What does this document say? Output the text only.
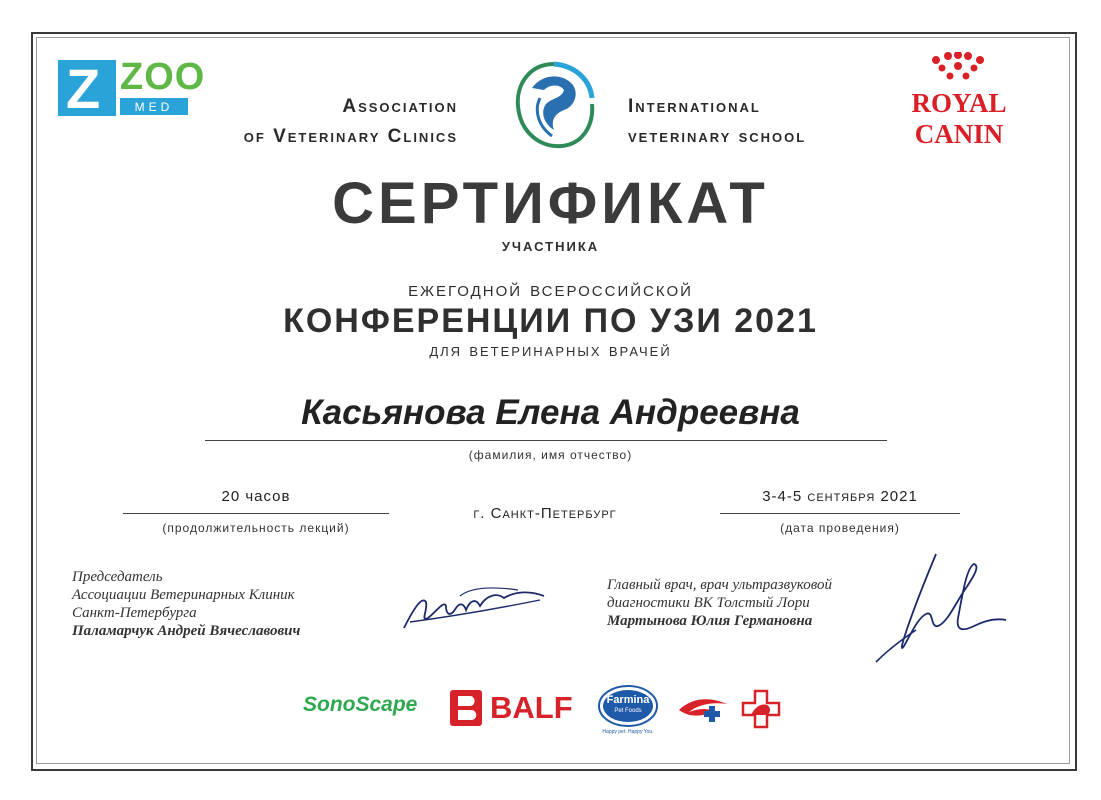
Z ZOO
MED	Association
of Veterinary Clinics
International
veterinary school
ROYAL CANIN
СЕРТИФИКАТ
участника
ежегодной всероссийской
КОНФЕРЕНЦИИ ПО УЗИ 2021
для ветеринарных врачей
Касьянова Елена Андреевна
(фамилия, имя отчество)
20 часов
(продолжительность лекций)
г. Санкт-Петербург
3-4-5 сентября 2021
(дата проведения)
Председатель
Ассоциации Ветеринарных Клиник
Санкт-Петербурга
Паламарчук Андрей Вячеславович
Главный врач, врач ультразвуковой
диагностики ВК Толстый Лори
Мартынова Юлия Германовна
SonoScape	BALF	Farmina
Pet Foods
Happy pet. Happy You.
